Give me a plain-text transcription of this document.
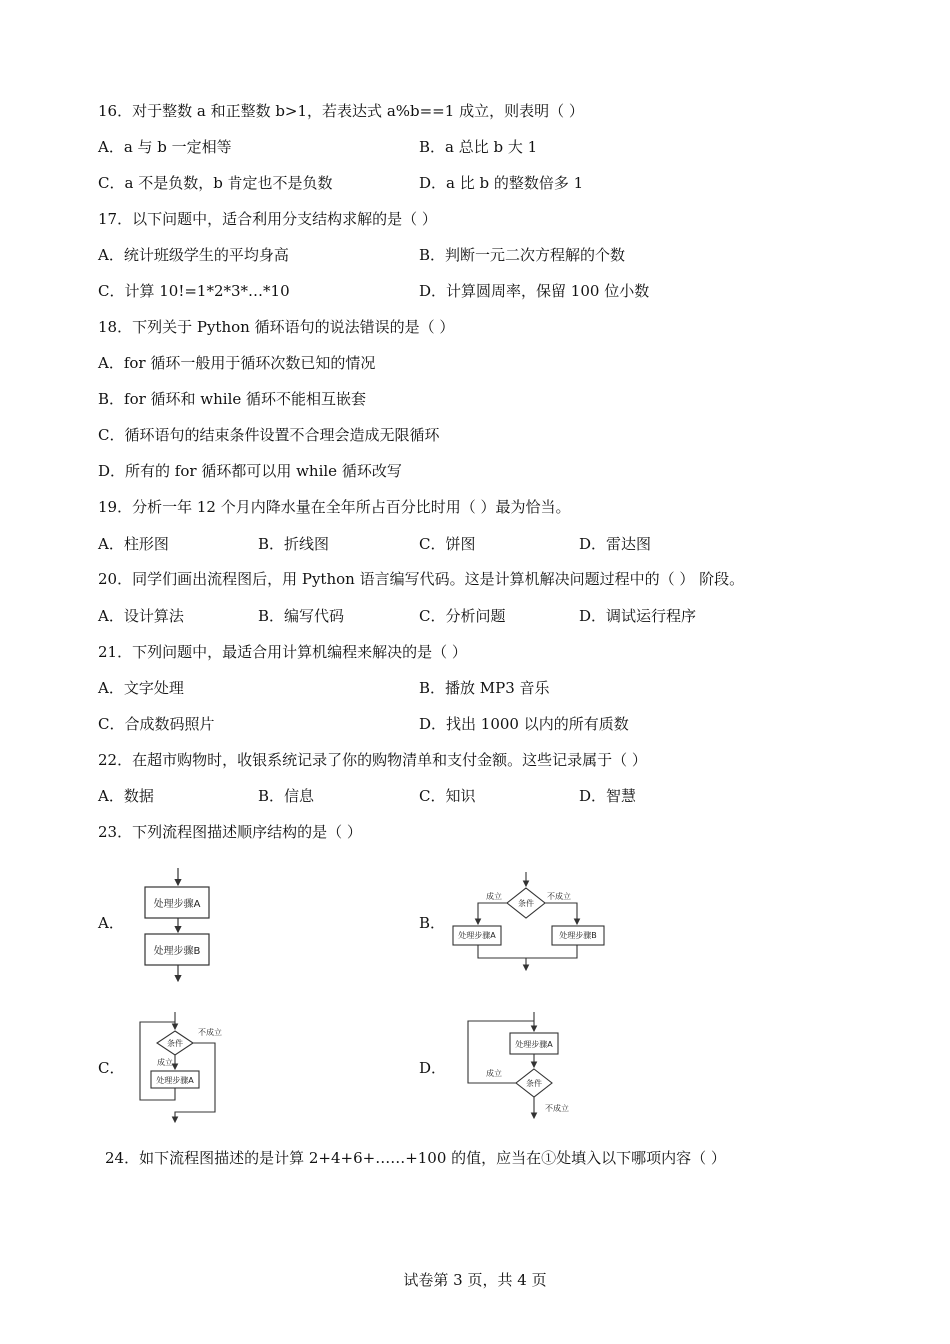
16．对于整数 a 和正整数 b>1，若表达式 a%b==1 成立，则表明（ ）
A．a 与 b 一定相等	B．a 总比 b 大 1
C．a 不是负数，b 肯定也不是负数	D．a 比 b 的整数倍多 1
17．以下问题中，适合利用分支结构求解的是（ ）
A．统计班级学生的平均身高	B．判断一元二次方程解的个数
C．计算 10!=1*2*3*…*10	D．计算圆周率，保留 100 位小数
18．下列关于 Python 循环语句的说法错误的是（ ）
A．for 循环一般用于循环次数已知的情况
B．for 循环和 while 循环不能相互嵌套
C．循环语句的结束条件设置不合理会造成无限循环
D．所有的 for 循环都可以用 while 循环改写
19．分析一年 12 个月内降水量在全年所占百分比时用（ ）最为恰当。
A．柱形图	B．折线图	C．饼图	D．雷达图
20．同学们画出流程图后，用 Python 语言编写代码。这是计算机解决问题过程中的（ ） 阶段。
A．设计算法	B．编写代码	C．分析问题	D．调试运行程序
21．下列问题中，最适合用计算机编程来解决的是（ ）
A．文字处理	B．播放 MP3 音乐
C．合成数码照片	D．找出 1000 以内的所有质数
22．在超市购物时，收银系统记录了你的购物清单和支付金额。这些记录属于（ ）
A．数据	B．信息	C．知识	D．智慧
23．下列流程图描述顺序结构的是（ ）
A．	B．
C．	D．
处理步骤A
处理步骤B
条件
成立	不成立
处理步骤A	处理步骤B
条件
成立
不成立
处理步骤A
处理步骤A
条件
成立
不成立
24．如下流程图描述的是计算 2+4+6+……+100 的值，应当在①处填入以下哪项内容（ ）
试卷第 3 页，共 4 页
